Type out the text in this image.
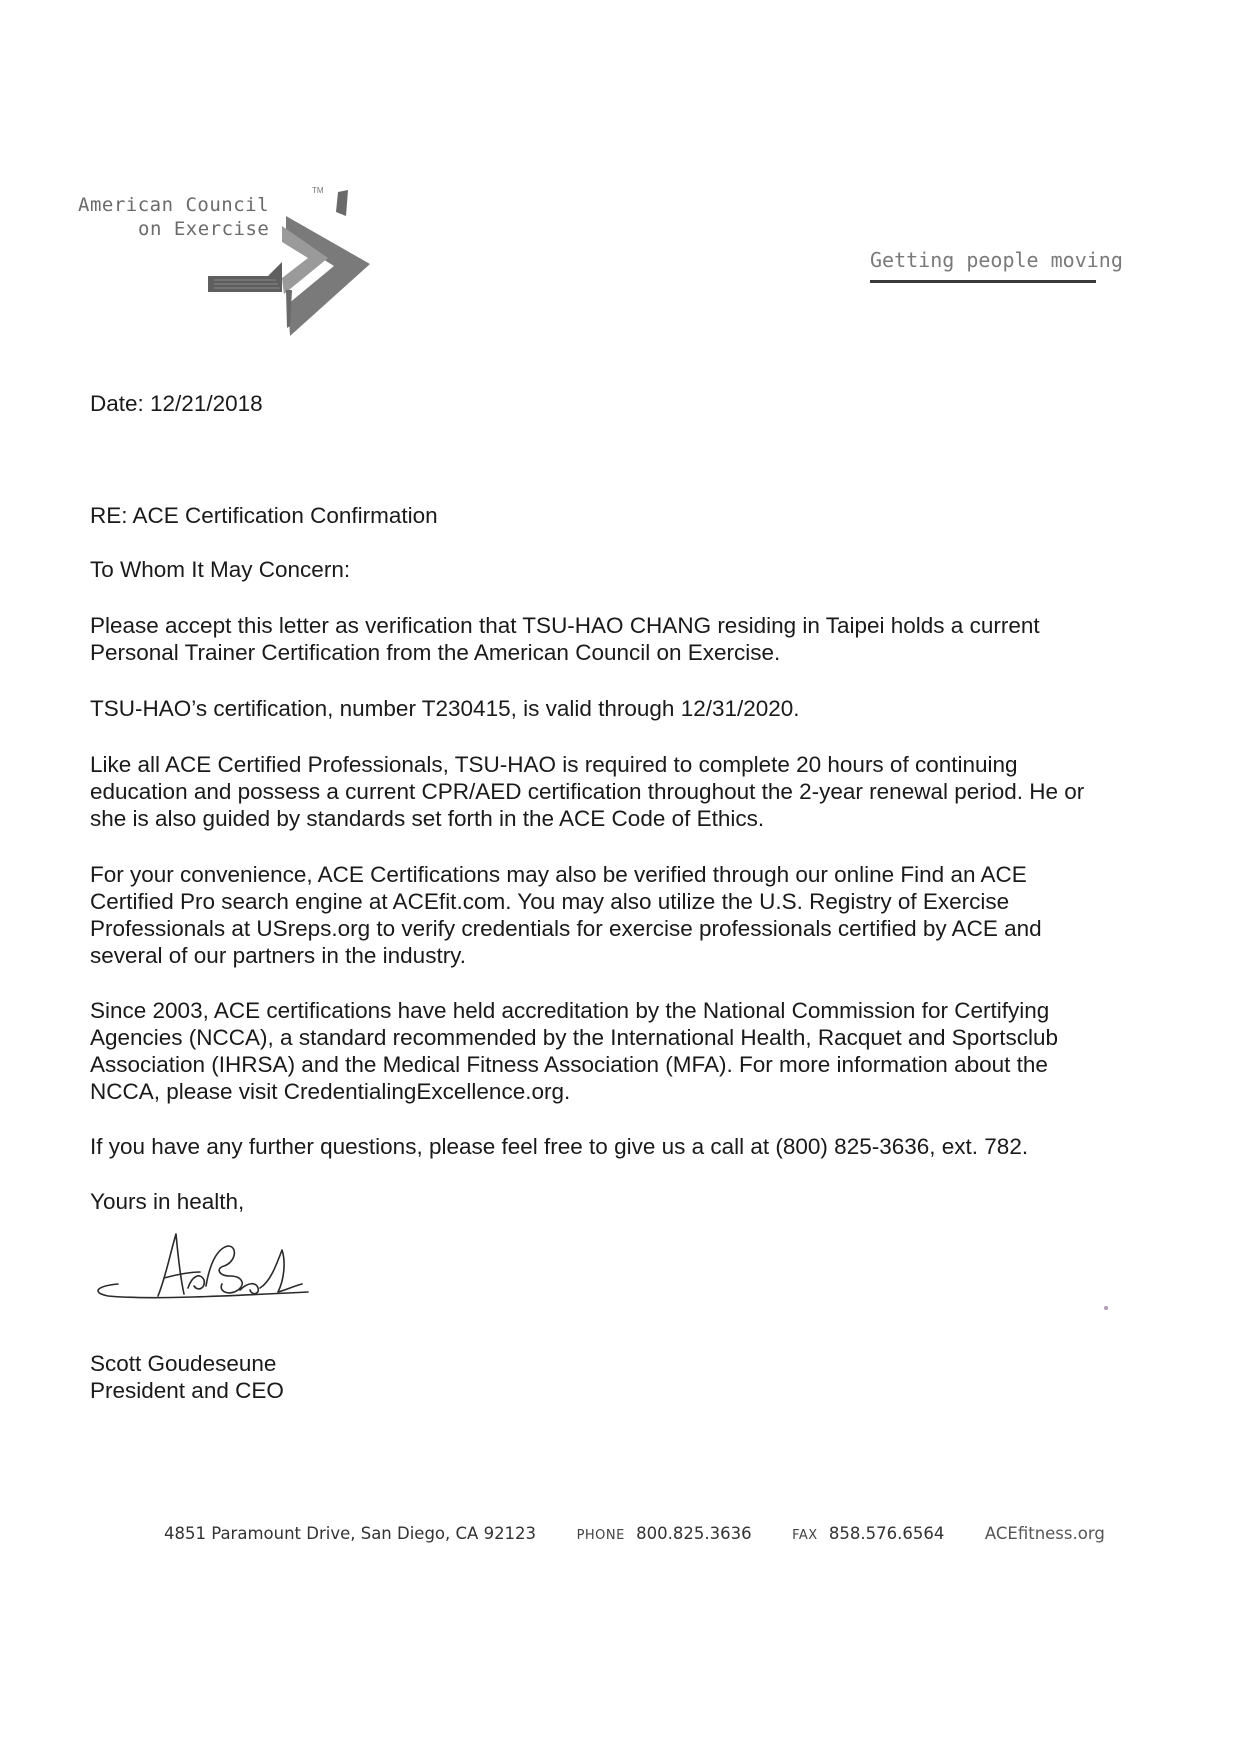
American Council
on Exercise
TM
Getting people moving

Date: 12/21/2018

RE: ACE Certification Confirmation

To Whom It May Concern:

Please accept this letter as verification that TSU-HAO CHANG residing in Taipei holds a current Personal Trainer Certification from the American Council on Exercise.

TSU-HAO’s certification, number T230415, is valid through 12/31/2020.

Like all ACE Certified Professionals, TSU-HAO is required to complete 20 hours of continuing education and possess a current CPR/AED certification throughout the 2-year renewal period. He or she is also guided by standards set forth in the ACE Code of Ethics.

For your convenience, ACE Certifications may also be verified through our online Find an ACE Certified Pro search engine at ACEfit.com. You may also utilize the U.S. Registry of Exercise Professionals at USreps.org to verify credentials for exercise professionals certified by ACE and several of our partners in the industry.

Since 2003, ACE certifications have held accreditation by the National Commission for Certifying Agencies (NCCA), a standard recommended by the International Health, Racquet and Sportsclub Association (IHRSA) and the Medical Fitness Association (MFA). For more information about the NCCA, please visit CredentialingExcellence.org.

If you have any further questions, please feel free to give us a call at (800) 825-3636, ext. 782.

Yours in health,

Scott Goudeseune

President and CEO

4851 Paramount Drive, San Diego, CA 92123	PHONE 800.825.3636	FAX 858.576.6564 ACEfitness.org
